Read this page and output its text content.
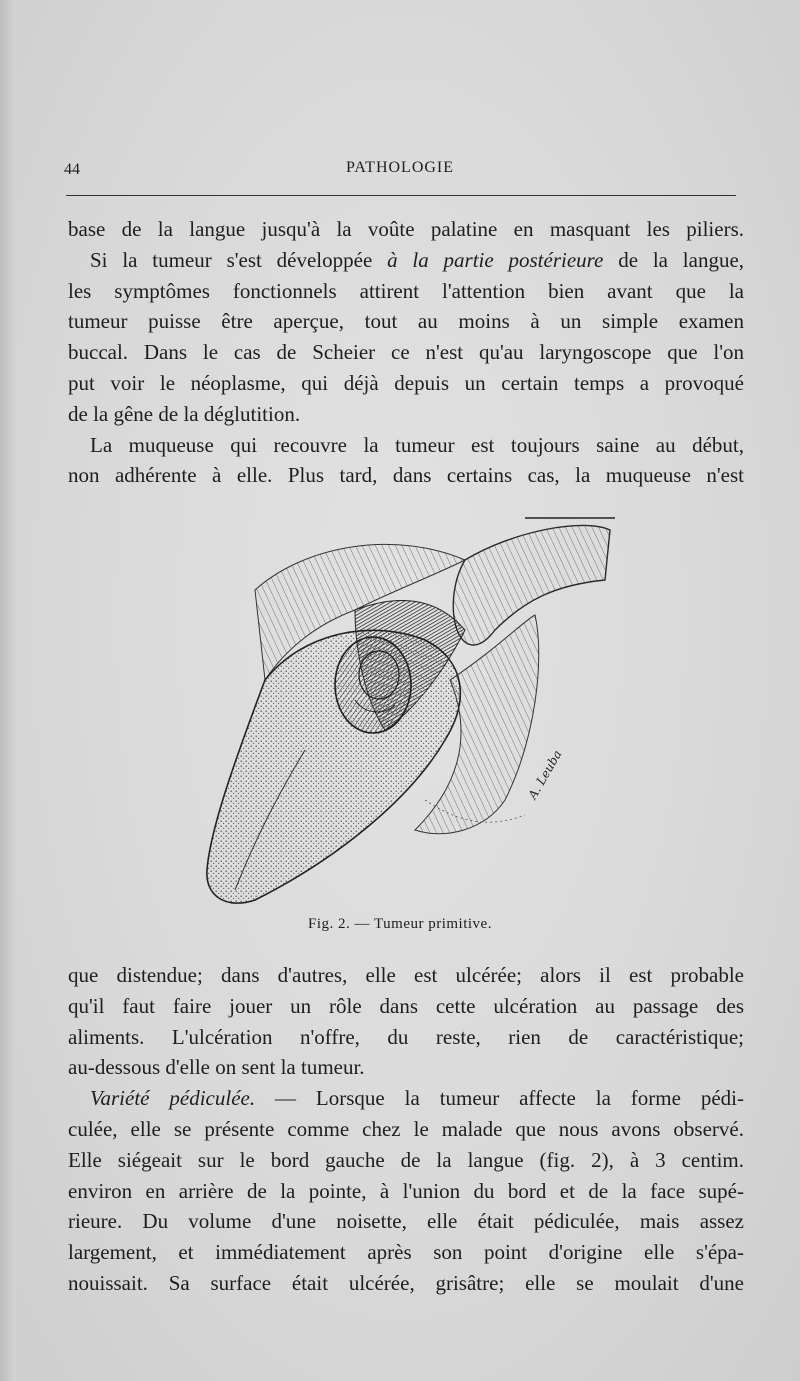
44	PATHOLOGIE

base de la langue jusqu'à la voûte palatine en masquant les piliers.

Si la tumeur s'est développée à la partie postérieure de la langue,
les symptômes fonctionnels attirent l'attention bien avant que la
tumeur puisse être aperçue, tout au moins à un simple examen
buccal. Dans le cas de Scheier ce n'est qu'au laryngoscope que l'on
put voir le néoplasme, qui déjà depuis un certain temps a provoqué
de la gêne de la déglutition.

La muqueuse qui recouvre la tumeur est toujours saine au début,
non adhérente à elle. Plus tard, dans certains cas, la muqueuse n'est

A. Leuba
Fig. 2. — Tumeur primitive.

que distendue; dans d'autres, elle est ulcérée; alors il est probable
qu'il faut faire jouer un rôle dans cette ulcération au passage des
aliments. L'ulcération n'offre, du reste, rien de caractéristique;
au-dessous d'elle on sent la tumeur.

Variété pédiculée. — Lorsque la tumeur affecte la forme pédi-
culée, elle se présente comme chez le malade que nous avons observé.
Elle siégeait sur le bord gauche de la langue (fig. 2), à 3 centim.
environ en arrière de la pointe, à l'union du bord et de la face supé-
rieure. Du volume d'une noisette, elle était pédiculée, mais assez
largement, et immédiatement après son point d'origine elle s'épa-
nouissait. Sa surface était ulcérée, grisâtre; elle se moulait d'une
